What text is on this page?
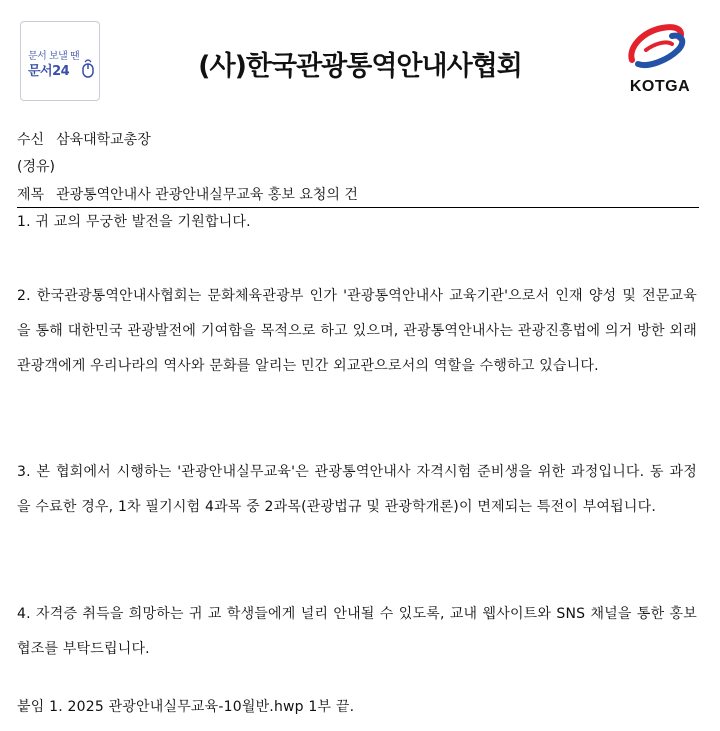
문서 보낼 땐
문서24	(사)한국관광통역안내사협회
KOTGA
수신 삼육대학교총장
(경유)
제목 관광통역안내사 관광안내실무교육 홍보 요청의 건
1. 귀 교의 무궁한 발전을 기원합니다.
2. 한국관광통역안내사협회는 문화체육관광부 인가 '관광통역안내사 교육기관'으로서 인재 양성 및 전문교육을 통해 대한민국 관광발전에 기여함을 목적으로 하고 있으며, 관광통역안내사는 관광진흥법에 의거 방한 외래관광객에게 우리나라의 역사와 문화를 알리는 민간 외교관으로서의 역할을 수행하고 있습니다.
3. 본 협회에서 시행하는 '관광안내실무교육'은 관광통역안내사 자격시험 준비생을 위한 과정입니다. 동 과정을 수료한 경우, 1차 필기시험 4과목 중 2과목(관광법규 및 관광학개론)이 면제되는 특전이 부여됩니다.
4. 자격증 취득을 희망하는 귀 교 학생들에게 널리 안내될 수 있도록, 교내 웹사이트와 SNS 채널을 통한 홍보 협조를 부탁드립니다.
붙임 1. 2025 관광안내실무교육-10월반.hwp 1부 끝.
